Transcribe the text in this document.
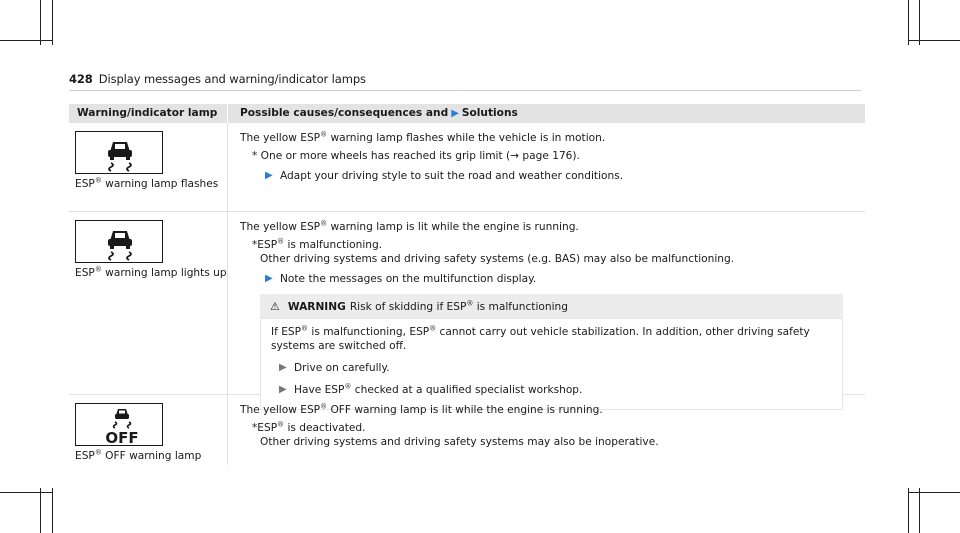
428 Display messages and warning/indicator lamps
Warning/indicator lamp	Possible causes/consequences and ▶ Solutions
ESP® warning lamp flashes
The yellow ESP® warning lamp flashes while the vehicle is in motion.
* One or more wheels has reached its grip limit (→ page 176).
▶ Adapt your driving style to suit the road and weather conditions.
ESP® warning lamp lights up
The yellow ESP® warning lamp is lit while the engine is running.
*ESP® is malfunctioning.
Other driving systems and driving safety systems (e.g. BAS) may also be malfunctioning.
▶ Note the messages on the multifunction display.
⚠ WARNING Risk of skidding if ESP® is malfunctioning
If ESP® is malfunctioning, ESP® cannot carry out vehicle stabilization. In addition, other driving safety systems are switched off.
▶ Drive on carefully.
▶ Have ESP® checked at a qualified specialist workshop.
OFF
ESP® OFF warning lamp
The yellow ESP® OFF warning lamp is lit while the engine is running.
*ESP® is deactivated.
Other driving systems and driving safety systems may also be inoperative.
